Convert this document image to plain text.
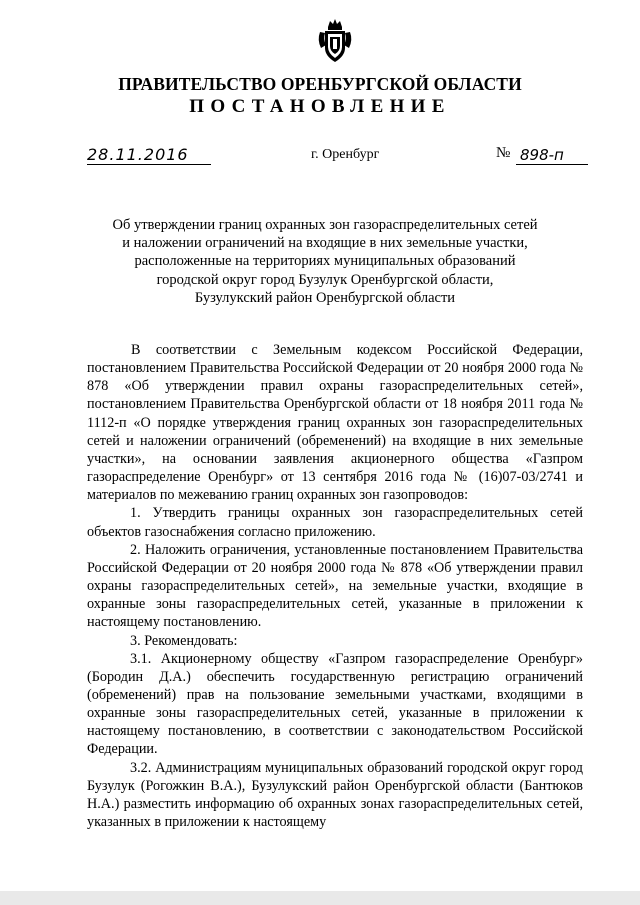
ПРАВИТЕЛЬСТВО ОРЕНБУРГСКОЙ ОБЛАСТИ
ПОСТАНОВЛЕНИЕ
28.11.2016	г. Оренбург	№ 898-п
Об утверждении границ охранных зон газораспределительных сетей
и наложении ограничений на входящие в них земельные участки,
расположенные на территориях муниципальных образований
городской округ город Бузулук Оренбургской области,
Бузулукский район Оренбургской области

В соответствии с Земельным кодексом Российской Федерации, постановлением Правительства Российской Федерации от 20 ноября 2000 года № 878 «Об утверждении правил охраны газораспределительных сетей», постановлением Правительства Оренбургской области от 18 ноября 2011 года № 1112-п «О порядке утверждения границ охранных зон газораспределительных сетей и наложении ограничений (обременений) на входящие в них земельные участки», на основании заявления акционерного общества «Газпром газораспределение Оренбург» от 13 сентября 2016 года № (16)07-03/2741 и материалов по межеванию границ охранных зон газопроводов:

1. Утвердить границы охранных зон газораспределительных сетей объектов газоснабжения согласно приложению.

2. Наложить ограничения, установленные постановлением Правительства Российской Федерации от 20 ноября 2000 года № 878 «Об утверждении правил охраны газораспределительных сетей», на земельные участки, входящие в охранные зоны газораспределительных сетей, указанные в приложении к настоящему постановлению.

3. Рекомендовать:

3.1. Акционерному обществу «Газпром газораспределение Оренбург» (Бородин Д.А.) обеспечить государственную регистрацию ограничений (обременений) прав на пользование земельными участками, входящими в охранные зоны газораспределительных сетей, указанные в приложении к настоящему постановлению, в соответствии с законодательством Российской Федерации.

3.2. Администрациям муниципальных образований городской округ город Бузулук (Рогожкин В.А.), Бузулукский район Оренбургской области (Бантюков Н.А.) разместить информацию об охранных зонах газораспределительных сетей, указанных в приложении к настоящему
